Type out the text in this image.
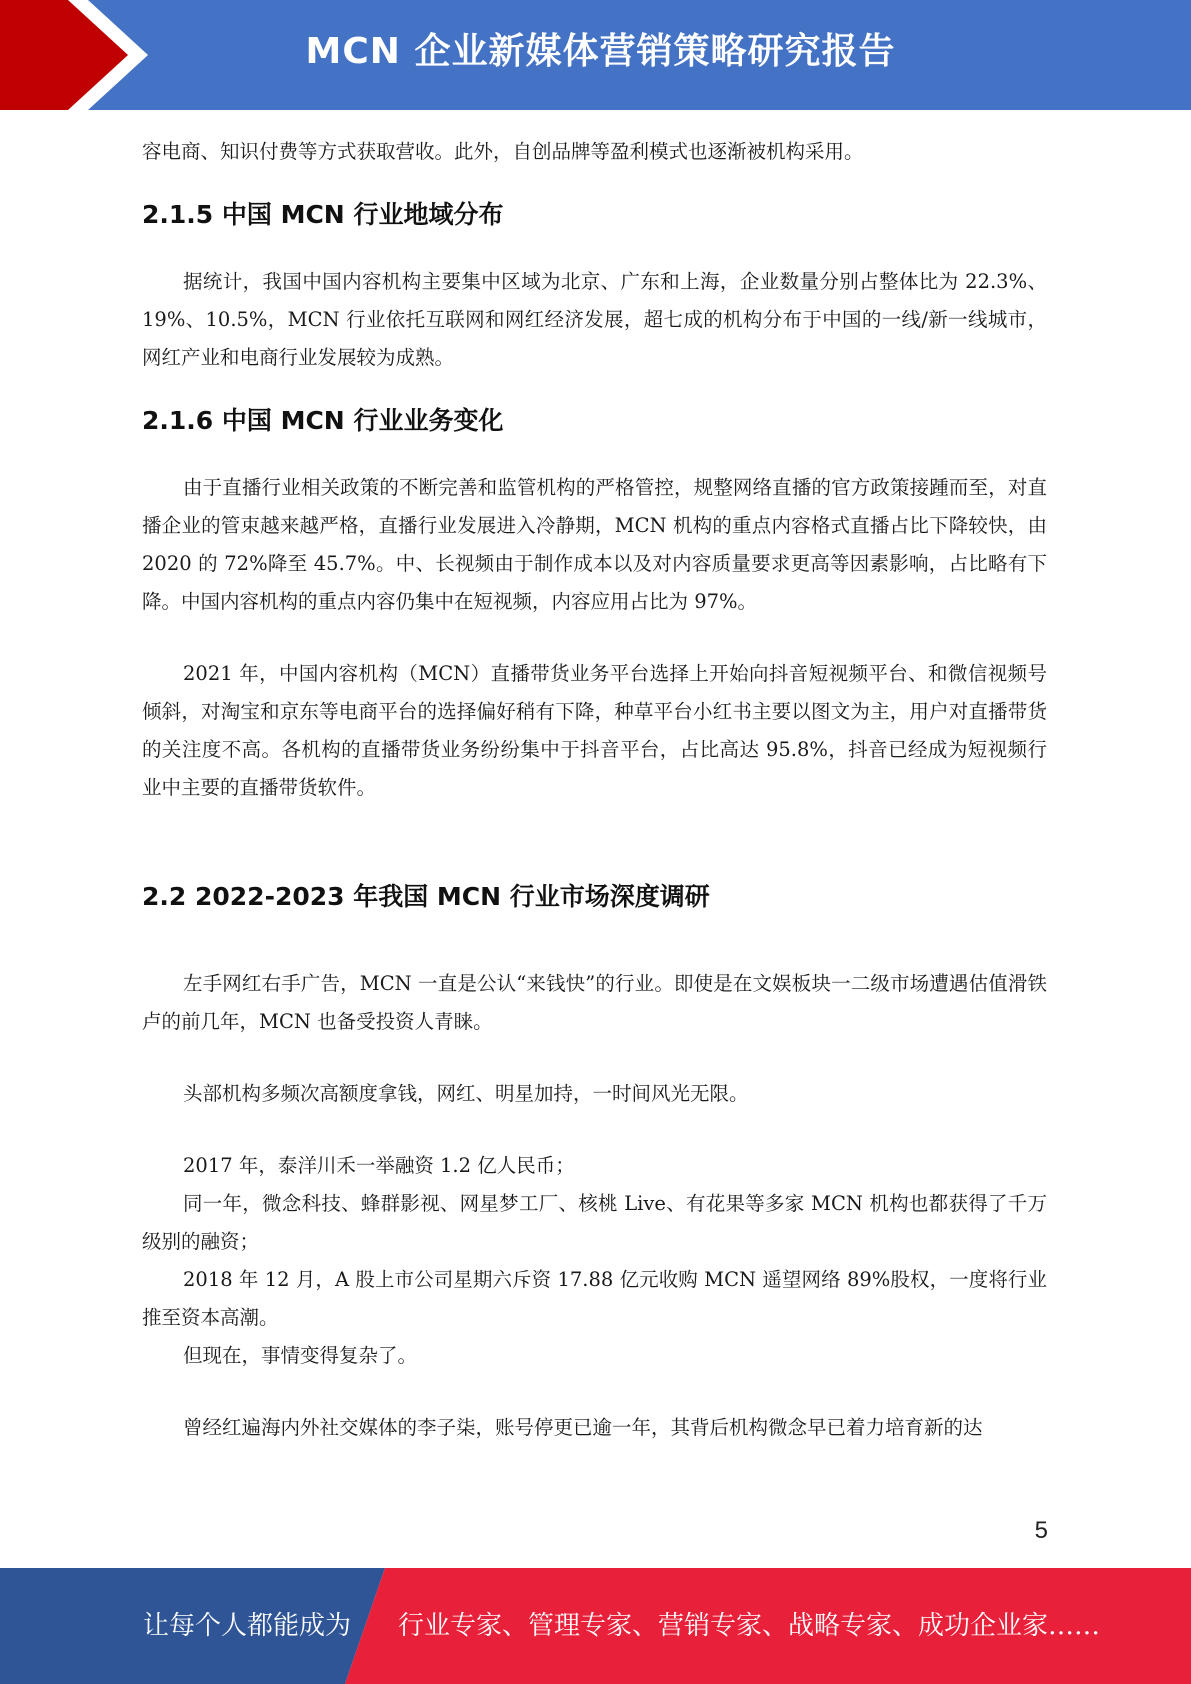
MCN 企业新媒体营销策略研究报告

容电商、知识付费等方式获取营收。此外，自创品牌等盈利模式也逐渐被机构采用。

2.1.5 中国 MCN 行业地域分布

据统计，我国中国内容机构主要集中区域为北京、广东和上海，企业数量分别占整体比为 22.3%、19%、10.5%，MCN 行业依托互联网和网红经济发展，超七成的机构分布于中国的一线/新一线城市，网红产业和电商行业发展较为成熟。

2.1.6 中国 MCN 行业业务变化

由于直播行业相关政策的不断完善和监管机构的严格管控，规整网络直播的官方政策接踵而至，对直播企业的管束越来越严格，直播行业发展进入冷静期，MCN 机构的重点内容格式直播占比下降较快，由 2020 的 72%降至 45.7%。中、长视频由于制作成本以及对内容质量要求更高等因素影响，占比略有下降。中国内容机构的重点内容仍集中在短视频，内容应用占比为 97%。

2021 年，中国内容机构（MCN）直播带货业务平台选择上开始向抖音短视频平台、和微信视频号倾斜，对淘宝和京东等电商平台的选择偏好稍有下降，种草平台小红书主要以图文为主，用户对直播带货的关注度不高。各机构的直播带货业务纷纷集中于抖音平台，占比高达 95.8%，抖音已经成为短视频行业中主要的直播带货软件。

2.2 2022-2023 年我国 MCN 行业市场深度调研

左手网红右手广告，MCN 一直是公认“来钱快”的行业。即使是在文娱板块一二级市场遭遇估值滑铁卢的前几年，MCN 也备受投资人青睐。

头部机构多频次高额度拿钱，网红、明星加持，一时间风光无限。

2017 年，泰洋川禾一举融资 1.2 亿人民币；

同一年，微念科技、蜂群影视、网星梦工厂、核桃 Live、有花果等多家 MCN 机构也都获得了千万级别的融资；

2018 年 12 月，A 股上市公司星期六斥资 17.88 亿元收购 MCN 遥望网络 89%股权，一度将行业推至资本高潮。

但现在，事情变得复杂了。

曾经红遍海内外社交媒体的李子柒，账号停更已逾一年，其背后机构微念早已着力培育新的达

5
让每个人都能成为 行业专家、管理专家、营销专家、战略专家、成功企业家……
